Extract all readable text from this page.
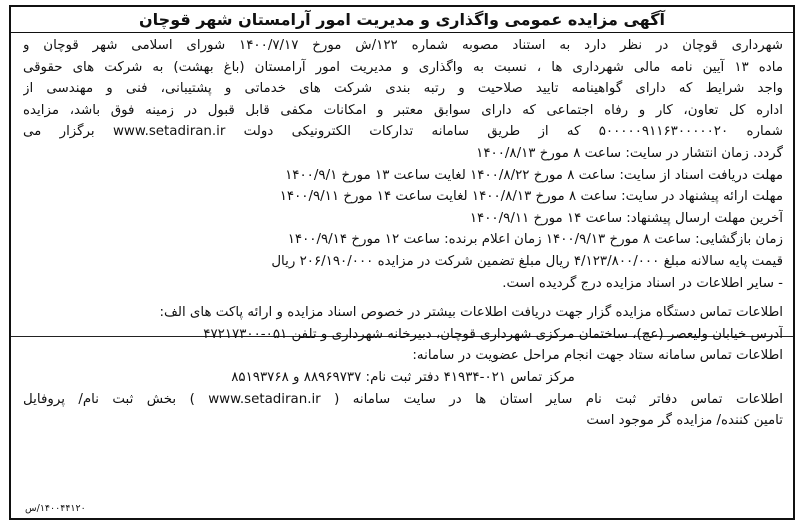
آگهی مزایده عمومی واگذاری و مدیریت امور آرامستان شهر قوچان
شهرداری قوچان در نظر دارد به استناد مصوبه شماره ۱۲۲/ش مورخ ۱۴۰۰/۷/۱۷ شورای اسلامی شهر قوچان و
ماده ۱۳ آیین نامه مالی شهرداری ها ، نسبت به واگذاری و مدیریت امور آرامستان (باغ بهشت) به شرکت های حقوقی
واجد شرایط که دارای گواهینامه تایید صلاحیت و رتبه بندی شرکت های خدماتی و پشتیبانی، فنی و مهندسی از
اداره کل تعاون، کار و رفاه اجتماعی که دارای سوابق معتبر و امکانات مکفی قابل قبول در زمینه فوق باشد، مزایده
شماره ۵۰۰۰۰۰۹۱۱۶۳۰۰۰۰۰۲۰ که از طریق سامانه تدارکات الکترونیکی دولت www.setadiran.ir برگزار می
گردد. زمان انتشار در سایت: ساعت ۸ مورخ ۱۴۰۰/۸/۱۳
مهلت دریافت اسناد از سایت: ساعت ۸ مورخ ۱۴۰۰/۸/۲۲ لغایت ساعت ۱۳ مورخ ۱۴۰۰/۹/۱
مهلت ارائه پیشنهاد در سایت: ساعت ۸ مورخ ۱۴۰۰/۸/۱۳ لغایت ساعت ۱۴ مورخ ۱۴۰۰/۹/۱۱
آخرین مهلت ارسال پیشنهاد: ساعت ۱۴ مورخ ۱۴۰۰/۹/۱۱
زمان بازگشایی: ساعت ۸ مورخ ۱۴۰۰/۹/۱۳ زمان اعلام برنده: ساعت ۱۲ مورخ ۱۴۰۰/۹/۱۴
قیمت پایه سالانه مبلغ ۴/۱۲۳/۸۰۰/۰۰۰ ریال مبلغ تضمین شرکت در مزایده ۲۰۶/۱۹۰/۰۰۰ ریال
- سایر اطلاعات در اسناد مزایده درج گردیده است.
اطلاعات تماس دستگاه مزایده گزار جهت دریافت اطلاعات بیشتر در خصوص اسناد مزایده و ارائه پاکت های الف:
آدرس خیابان ولیعصر (عج)، ساختمان مرکزی شهرداری قوچان، دبیرخانه شهرداری و تلفن ۰۵۱-۴۷۲۱۷۳۰۰
اطلاعات تماس سامانه ستاد جهت انجام مراحل عضویت در سامانه:
مرکز تماس ۰۲۱-۴۱۹۳۴ دفتر ثبت نام: ۸۸۹۶۹۷۳۷ و ۸۵۱۹۳۷۶۸
اطلاعات تماس دفاتر ثبت نام سایر استان ها در سایت سامانه ( www.setadiran.ir ) بخش ثبت نام/ پروفایل
تامین کننده/ مزایده گر موجود است
۱۴۰۰۴۴۱۲۰/س
